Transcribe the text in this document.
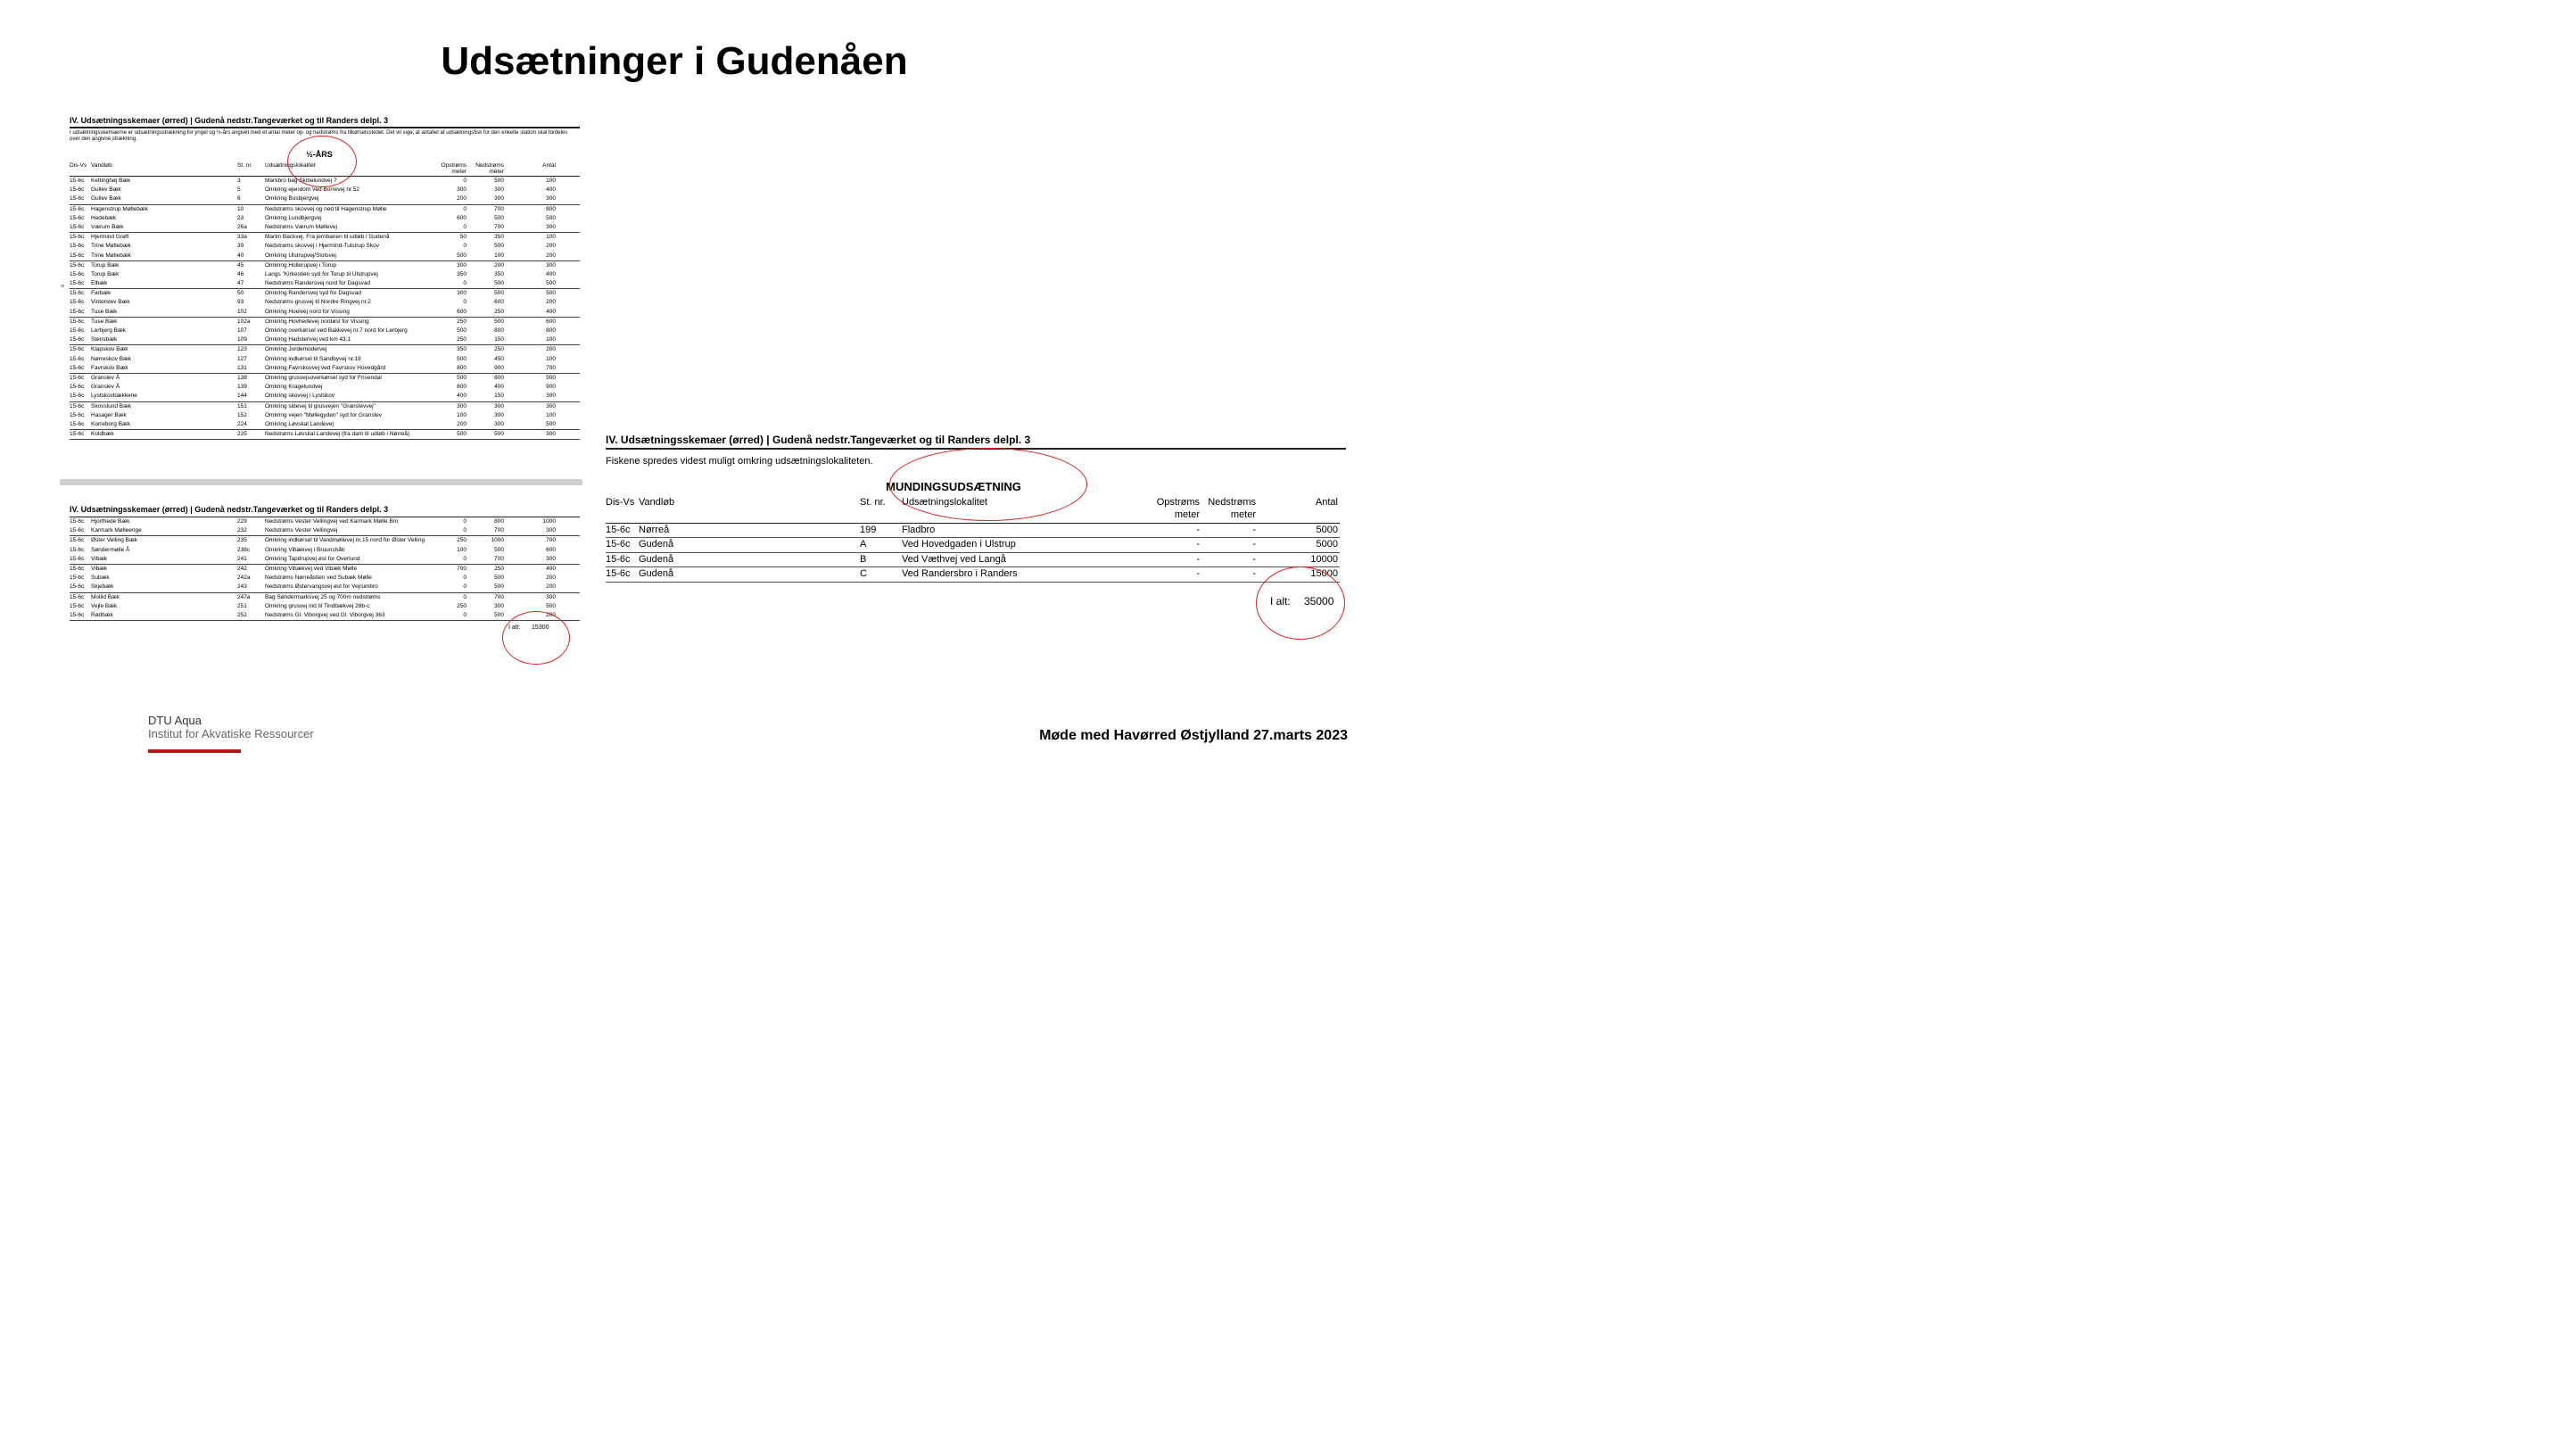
Udsætninger i Gudenåen
IV. Udsætningsskemaer (ørred) | Gudenå nedstr.Tangeværket og til Randers delpl. 3
I udsætningsskemaerne er udsætningsstrækning for yngel og ½-års angivet med et antal meter op- og nedstrøms fra tilkørselsstedet. Det vil sige, at antallet af udsætningsfisk for den enkelte station skal fordeles over den angivne strækning.
½-ÅRS
Dis-Vs Vandløb	St. nr.	Udsætningslokalitet	Opstrøms	Nedstrøms	Antal
meter	meter
15-6c	Kettinghøj Bæk	3	Markbro bag Skibelundvej 7	0	500	100
15-6c	Gullev Bæk	5	Omkring ejendom ved Borrevej nr.52	300	300	400
15-6c	Gullev Bæk	6	Omkring Busbjergvej	200	300	300
15-6c	Hagenstrup Møllebæk	10	Nedstrøms skovvej og ned til Hagenstrup Mølle	0	700	800
15-6c	Hedebæk	23	Omkring Lundbjergvej	600	500	500
15-6c	Værum Bæk	26a	Nedstrøms Værum Møllevej	0	700	300
15-6c	Hjermind Grøft	33a	Martin Backvej. Fra jernbanen til udløb i Gudenå	50	350	100
15-6c	Trine Møllebæk	39	Nedstrøms skovvej i Hjermind-Tulstrup Skov	0	500	200
15-6c	Trine Møllebæk	40	Omkring Ulstrupvej/Slotsvej	500	100	200
15-6c	Torup Bæk	45	Omkring Hollerupvej i Torup	300	200	300
15-6c	Torup Bæk	46	Langs "Kirkestien syd for Torup til Ulstrupvej	350	350	400
15-6c	Elbæk	47	Nedstrøms Randersvej nord for Dagsvad	0	500	500
15-6c	Farbæk	50	Omkring Randersvej syd for Dagsvad	300	500	500
15-6c	Vinterslev Bæk	93	Nedstrøms grusvej til Nordre Ringvej nr.2	0	600	200
15-6c	Tuse Bæk	102	Omkring Hoelvej nord for Vissing	600	250	400
15-6c	Tuse Bæk	102a	Omkring Hovhedevej nordøst for Vissing	250	500	600
15-6c	Lerbjerg Bæk	107	Omkring overkørsel ved Bakkevej nr.7 nord for Lerbjerg	500	800	800
15-6c	Stensbæk	109	Omkring Hadstenvej ved km 43,1	250	150	100
15-6c	Klapskov Bæk	123	Omkring Jordemodervej	350	250	200
15-6c	Nørreskov Bæk	127	Omkring indkørsel til Sandbyvej nr.19	500	450	100
15-6c	Favrskov Bæk	131	Omkring Favrskovvej ved Favrskov Hovedgård	800	900	700
15-6c	Granslev Å	138	Omkring grusvejsoverkørsel syd for Frisendal	500	800	500
15-6c	Granslev Å	139	Omkring Kragelundvej	800	400	900
15-6c	Lystskovbækkene	144	Omkring skovvej i Lystskov	400	150	300
15-6c	Skovslund Bæk	151	Omkring sidevej til grusvejen "Granslevvej"	300	300	300
15-6c	Hasager Bæk	152	Omkring vejen "Møllegyden" syd for Granslev	100	300	100
15-6c	Korreborg Bæk	224	Omkring Løvskal Landevej	200	300	500
15-6c	Koldbæk	225	Nedstrøms Løvskal Landevej (fra dam til udløb i Nørreå)	500	500	300
≡
IV. Udsætningsskemaer (ørred) | Gudenå nedstr.Tangeværket og til Randers delpl. 3
15-6c	Hjorthede Bæk	229	Nedstrøms Vester Vellingvej ved Karmark Mølle Bro	0	800	1000
15-6c	Karmark Mølleenge	232	Nedstrøms Vester Vellingvej	0	700	300
15-6c	Øster Velling Bæk	235	Omkring indkørsel til Vandmøllevej nr.15 nord for Øster Velling	250	1000	700
15-6c	Søndermølle Å	238c	Omkring Vibækvej i Bruunshåb	100	500	600
15-6c	Vibæk	241	Omkring Tapdrupvej øst for Overlund	0	700	300
15-6c	Vibæk	242	Omkring Vibækvej ved Vibæk Mølle	700	250	400
15-6c	Subæk	242a	Nedstrøms Nørreåstien ved Subæk Mølle	0	500	200
15-6c	Skjebæk	243	Nedstrøms Østervangsvej øst for Vejrumbro	0	500	200
15-6c	Mollid Bæk	247a	Bag Søndermarksvej 25 og 700m nedstrøms	0	700	300
15-6c	Vejle Bæk	251	Omkring grusvej ind til Tindbækvej 28b-c	250	300	500
15-6c	Rødbæk	252	Nedstrøms Gl. Viborgvej ved Gl. Viborgvej 363	0	500	200
I alt: 15300
IV. Udsætningsskemaer (ørred) | Gudenå nedstr.Tangeværket og til Randers delpl. 3
Fiskene spredes videst muligt omkring udsætningslokaliteten.
MUNDINGSUDSÆTNING
Dis-Vs Vandløb	St. nr.	Udsætningslokalitet	Opstrøms Nedstrøms	Antal
meter	meter
15-6c Nørreå	199	Fladbro	-	-	5000
15-6c Gudenå	A	Ved Hovedgaden i Ulstrup	-	-	5000
15-6c Gudenå	B	Ved Væthvej ved Langå	-	-	10000
15-6c Gudenå	C	Ved Randersbro i Randers	-	-	15000
I alt: 35000
DTU Aqua
Institut for Akvatiske Ressourcer	Møde med Havørred Østjylland 27.marts 2023
